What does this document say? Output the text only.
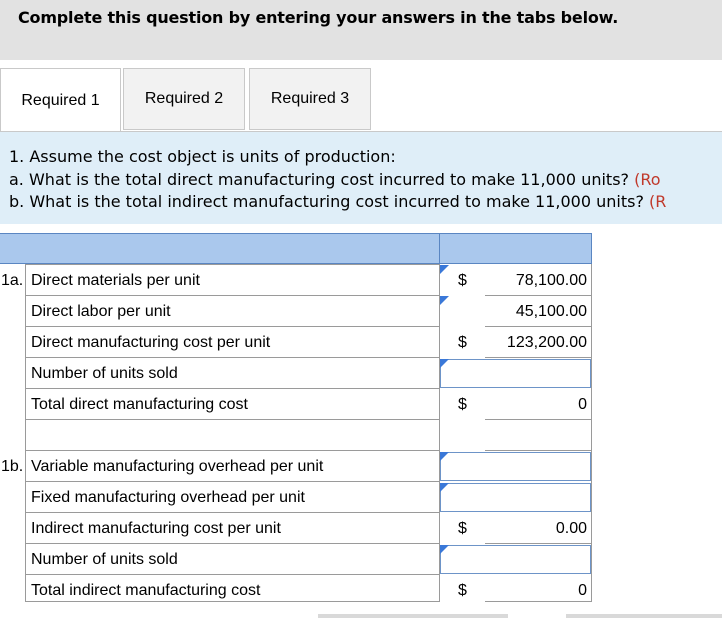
Complete this question by entering your answers in the tabs below.
Required 1	Required 2	Required 3
1. Assume the cost object is units of production:
a. What is the total direct manufacturing cost incurred to make 11,000 units? (Ro
b. What is the total indirect manufacturing cost incurred to make 11,000 units? (R
1a. Direct materials per unit	$	78,100.00
Direct labor per unit	45,100.00
Direct manufacturing cost per unit	$	123,200.00
Number of units sold
Total direct manufacturing cost	$	0
1b. Variable manufacturing overhead per unit
Fixed manufacturing overhead per unit
Indirect manufacturing cost per unit	$	0.00
Number of units sold
Total indirect manufacturing cost	$	0
